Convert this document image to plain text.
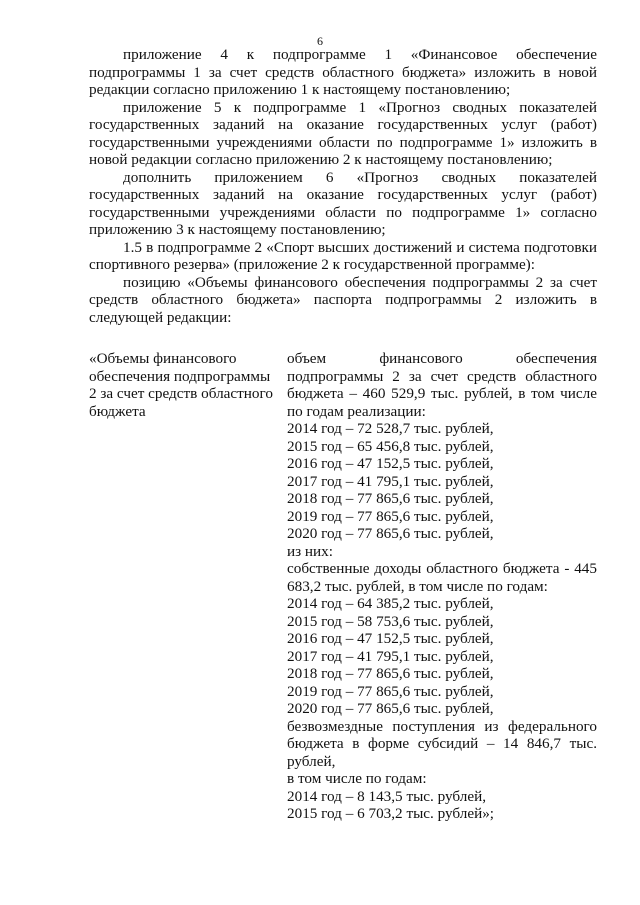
6

приложение 4 к подпрограмме 1 «Финансовое обеспечение подпрограммы 1 за счет средств областного бюджета» изложить в новой редакции согласно приложению 1 к настоящему постановлению;

приложение 5 к подпрограмме 1 «Прогноз сводных показателей государственных заданий на оказание государственных услуг (работ) государственными учреждениями области по подпрограмме 1» изложить в новой редакции согласно приложению 2 к настоящему постановлению;

дополнить приложением 6 «Прогноз сводных показателей государственных заданий на оказание государственных услуг (работ) государственными учреждениями области по подпрограмме 1» согласно приложению 3 к настоящему постановлению;

1.5 в подпрограмме 2 «Спорт высших достижений и система подготовки спортивного резерва» (приложение 2 к государственной программе):

позицию «Объемы финансового обеспечения подпрограммы 2 за счет средств областного бюджета» паспорта подпрограммы 2 изложить в следующей редакции:

«Объемы финансового обеспечения подпрограммы 2 за счет средств областного бюджета

объем финансового обеспечения подпрограммы 2 за счет средств областного бюджета – 460 529,9 тыс. рублей, в том числе по годам реализации:

2014 год – 72 528,7 тыс. рублей,
2015 год – 65 456,8 тыс. рублей,
2016 год – 47 152,5 тыс. рублей,
2017 год – 41 795,1 тыс. рублей,
2018 год – 77 865,6 тыс. рублей,
2019 год – 77 865,6 тыс. рублей,
2020 год – 77 865,6 тыс. рублей,

из них:

собственные доходы областного бюджета - 445 683,2 тыс. рублей, в том числе по годам:

2014 год – 64 385,2 тыс. рублей,
2015 год – 58 753,6 тыс. рублей,
2016 год – 47 152,5 тыс. рублей,
2017 год – 41 795,1 тыс. рублей,
2018 год – 77 865,6 тыс. рублей,
2019 год – 77 865,6 тыс. рублей,
2020 год – 77 865,6 тыс. рублей,

безвозмездные поступления из федерального бюджета в форме субсидий – 14 846,7 тыс. рублей,

в том числе по годам:

2014 год – 8 143,5 тыс. рублей,
2015 год – 6 703,2 тыс. рублей»;
